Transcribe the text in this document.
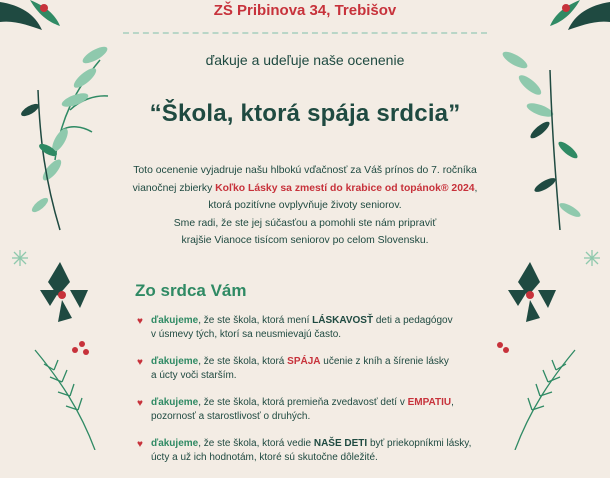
ZŠ Pribinova 34, Trebišov
ďakuje a udeľuje naše ocenenie
“Škola, ktorá spája srdcia”
Toto ocenenie vyjadruje našu hlbokú vďačnosť za Váš prínos do 7. ročníka
vianočnej zbierky Koľko Lásky sa zmestí do krabice od topánok® 2024,
ktorá pozitívne ovplyvňuje životy seniorov.
Sme radi, že ste jej súčasťou a pomohli ste nám pripraviť
krajšie Vianoce tisícom seniorov po celom Slovensku.
Zo srdca Vám
♥ ďakujeme, že ste škola, ktorá mení LÁSKAVOSŤ deti a pedagógov
v úsmevy tých, ktorí sa neusmievajú často.
♥ ďakujeme, že ste škola, ktorá SPÁJA učenie z kníh a šírenie lásky
a úcty voči starším.
♥ ďakujeme, že ste škola, ktorá premieňa zvedavosť detí v EMPATIU,
pozornosť a starostlivosť o druhých.
♥ ďakujeme, že ste škola, ktorá vedie NAŠE DETI byť priekopníkmi lásky,
úcty a už ich hodnotám, ktoré sú skutočne dôležité.
